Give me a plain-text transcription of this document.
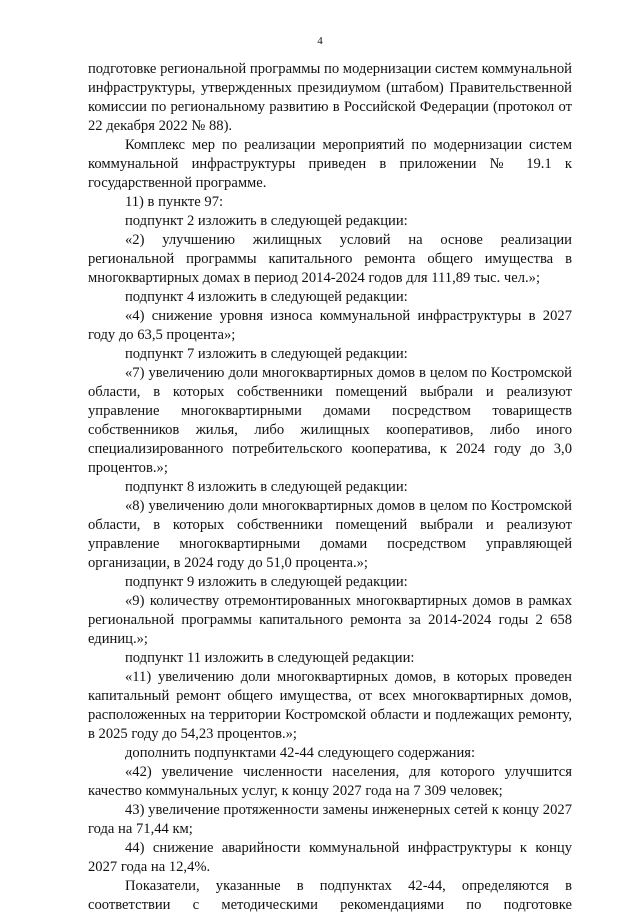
4

подготовке региональной программы по модернизации систем коммунальной инфраструктуры, утвержденных президиумом (штабом) Правительственной комиссии по региональному развитию в Российской Федерации (протокол от 22 декабря 2022 № 88).

Комплекс мер по реализации мероприятий по модернизации систем коммунальной инфраструктуры приведен в приложении № 19.1 к государственной программе.

11) в пункте 97:

подпункт 2 изложить в следующей редакции:

«2) улучшению жилищных условий на основе реализации региональной программы капитального ремонта общего имущества в многоквартирных домах в период 2014-2024 годов для 111,89 тыс. чел.»;

подпункт 4 изложить в следующей редакции:

«4) снижение уровня износа коммунальной инфраструктуры в 2027 году до 63,5 процента»;

подпункт 7 изложить в следующей редакции:

«7) увеличению доли многоквартирных домов в целом по Костромской области, в которых собственники помещений выбрали и реализуют управление многоквартирными домами посредством товариществ собственников жилья, либо жилищных кооперативов, либо иного специализированного потребительского кооператива, к 2024 году до 3,0 процентов.»;

подпункт 8 изложить в следующей редакции:

«8) увеличению доли многоквартирных домов в целом по Костромской области, в которых собственники помещений выбрали и реализуют управление многоквартирными домами посредством управляющей организации, в 2024 году до 51,0 процента.»;

подпункт 9 изложить в следующей редакции:

«9) количеству отремонтированных многоквартирных домов в рамках региональной программы капитального ремонта за 2014-2024 годы 2 658 единиц.»;

подпункт 11 изложить в следующей редакции:

«11) увеличению доли многоквартирных домов, в которых проведен капитальный ремонт общего имущества, от всех многоквартирных домов, расположенных на территории Костромской области и подлежащих ремонту, в 2025 году до 54,23 процентов.»;

дополнить подпунктами 42-44 следующего содержания:

«42) увеличение численности населения, для которого улучшится качество коммунальных услуг, к концу 2027 года на 7 309 человек;

43) увеличение протяженности замены инженерных сетей к концу 2027 года на 71,44 км;

44) снижение аварийности коммунальной инфраструктуры к концу 2027 года на 12,4%.

Показатели, указанные в подпунктах 42-44, определяются в соответствии с методическими рекомендациями по подготовке
